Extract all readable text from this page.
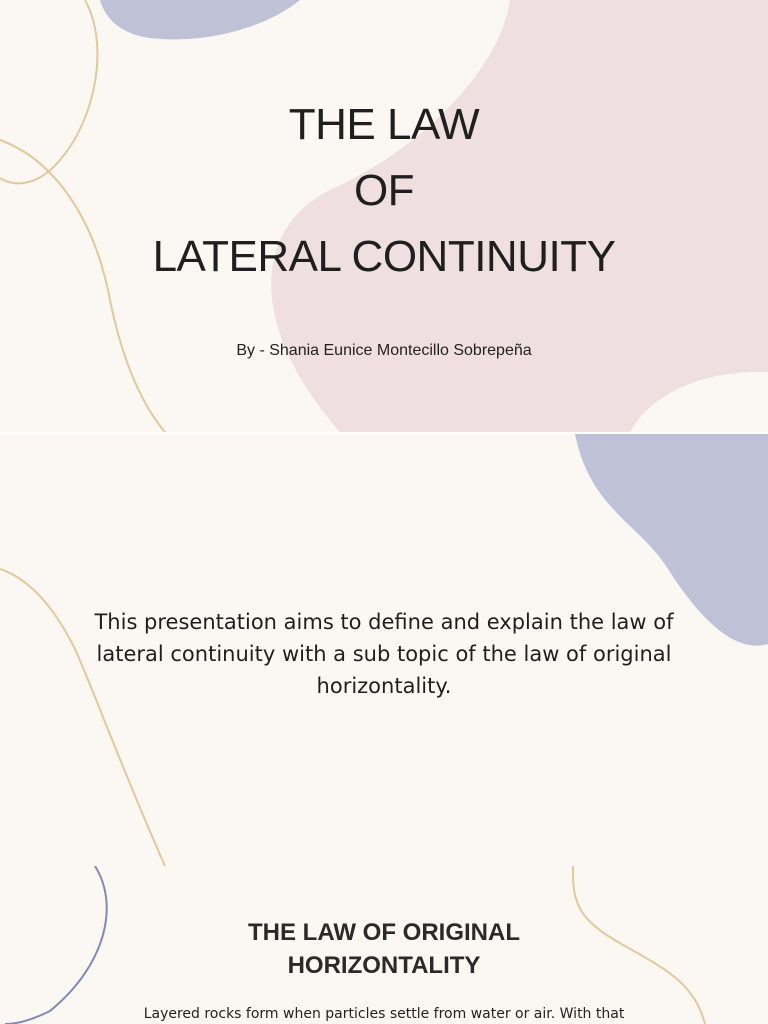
THE LAW
OF
LATERAL CONTINUITY
By - Shania Eunice Montecillo Sobrepeña
This presentation aims to define and explain the law of lateral continuity with a sub topic of the law of original horizontality.
THE LAW OF ORIGINAL
HORIZONTALITY
Layered rocks form when particles settle from water or air. With that
